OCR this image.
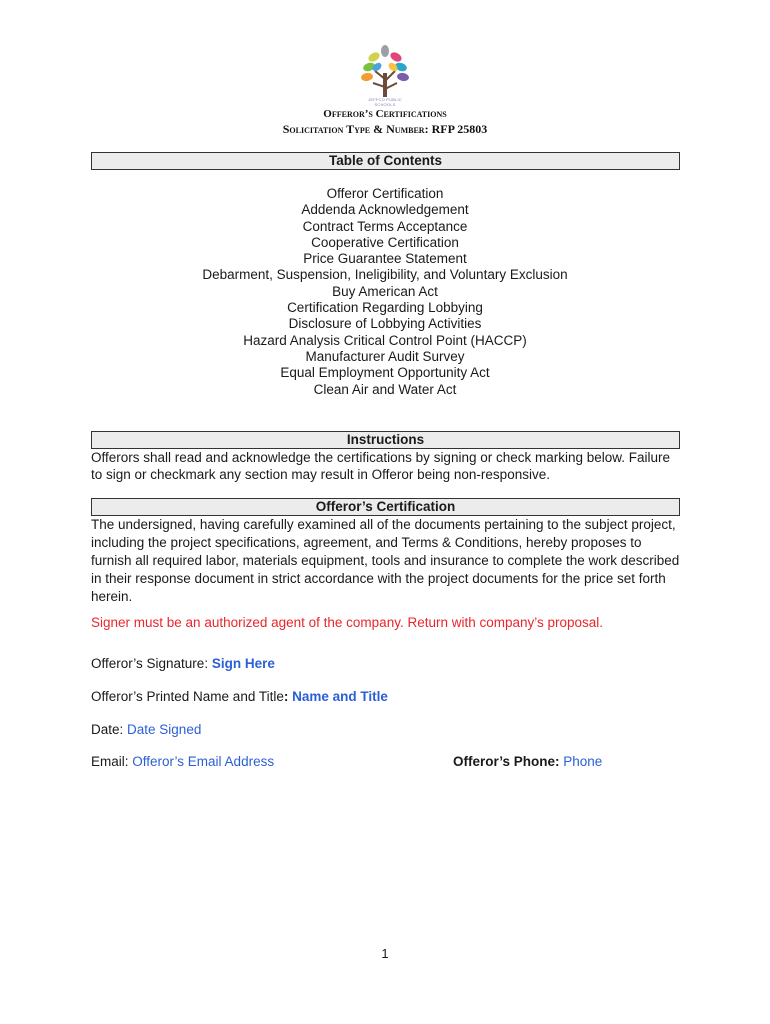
JEFFCO PUBLIC SCHOOLS
Offeror’s Certifications
Solicitation Type & Number: RFP 25803
Table of Contents
Offeror Certification
Addenda Acknowledgement
Contract Terms Acceptance
Cooperative Certification
Price Guarantee Statement
Debarment, Suspension, Ineligibility, and Voluntary Exclusion
Buy American Act
Certification Regarding Lobbying
Disclosure of Lobbying Activities
Hazard Analysis Critical Control Point (HACCP)
Manufacturer Audit Survey
Equal Employment Opportunity Act
Clean Air and Water Act
Instructions
Offerors shall read and acknowledge the certifications by signing or check marking below. Failure to sign or checkmark any section may result in Offeror being non-responsive.
Offeror’s Certification
The undersigned, having carefully examined all of the documents pertaining to the subject project, including the project specifications, agreement, and Terms & Conditions, hereby proposes to furnish all required labor, materials equipment, tools and insurance to complete the work described in their response document in strict accordance with the project documents for the price set forth herein.
Signer must be an authorized agent of the company. Return with company’s proposal.
Offeror’s Signature: Sign Here
Offeror’s Printed Name and Title: Name and Title
Date: Date Signed
Email: Offeror’s Email Address	Offeror’s Phone: Phone
1
